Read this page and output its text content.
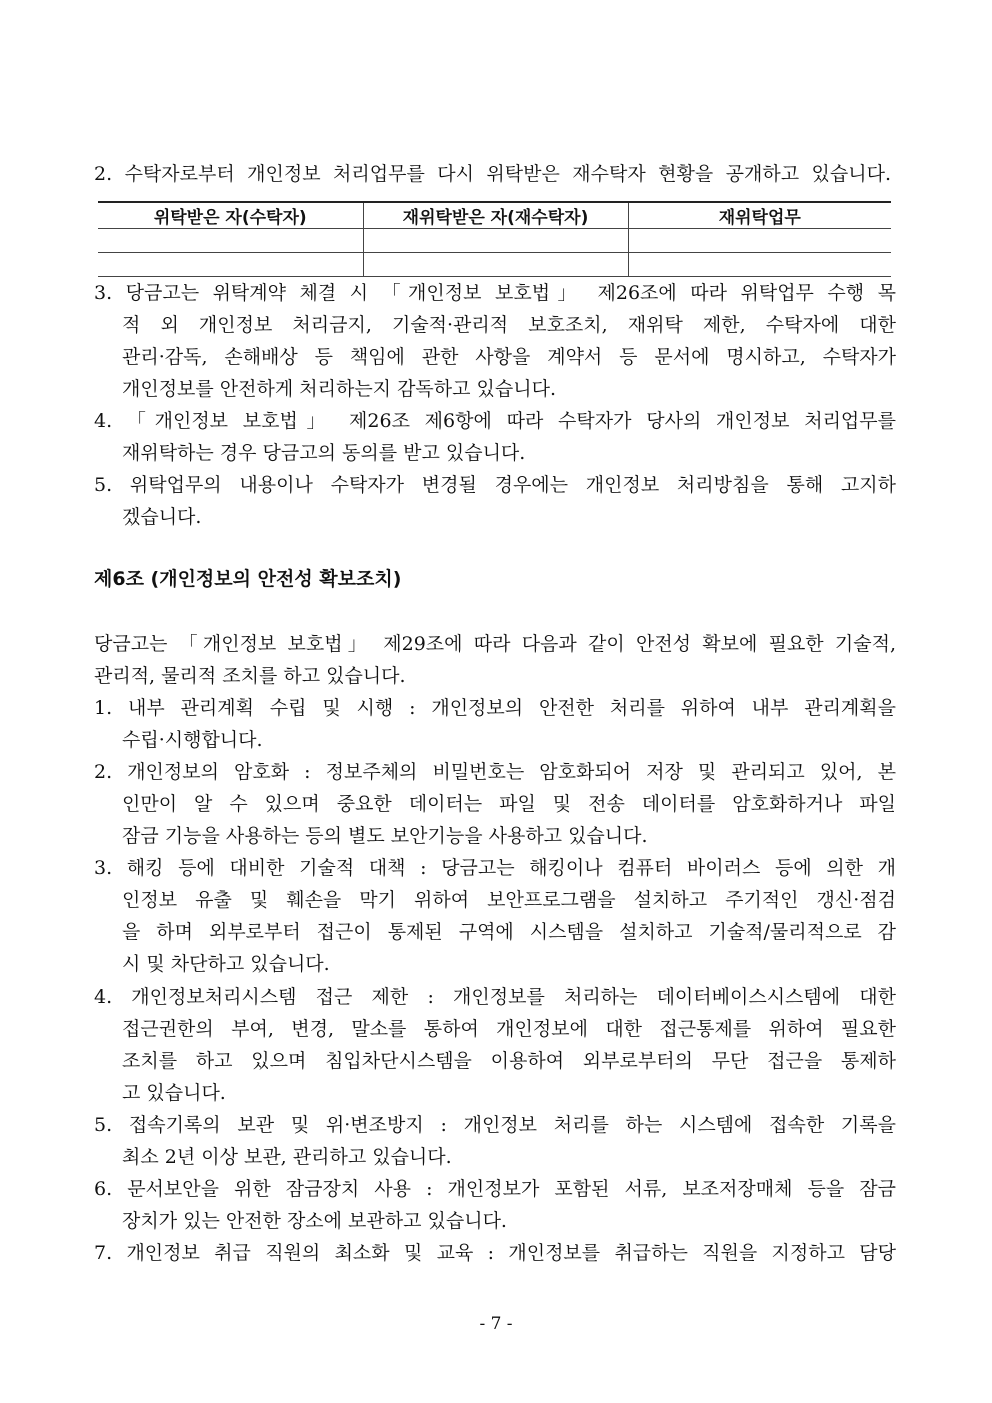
2. 수탁자로부터 개인정보 처리업무를 다시 위탁받은 재수탁자 현황을 공개하고 있습니다.
위탁받은 자(수탁자)	재위탁받은 자(재수탁자)	재위탁업무

3. 당금고는 위탁계약 체결 시 「개인정보 보호법」 제26조에 따라 위탁업무 수행 목
적 외 개인정보 처리금지, 기술적·관리적 보호조치, 재위탁 제한, 수탁자에 대한
관리·감독, 손해배상 등 책임에 관한 사항을 계약서 등 문서에 명시하고, 수탁자가
개인정보를 안전하게 처리하는지 감독하고 있습니다.
4. 「개인정보 보호법」 제26조 제6항에 따라 수탁자가 당사의 개인정보 처리업무를
재위탁하는 경우 당금고의 동의를 받고 있습니다.
5. 위탁업무의 내용이나 수탁자가 변경될 경우에는 개인정보 처리방침을 통해 고지하
겠습니다.
제6조 (개인정보의 안전성 확보조치)
당금고는 「개인정보 보호법」 제29조에 따라 다음과 같이 안전성 확보에 필요한 기술적,
관리적, 물리적 조치를 하고 있습니다.
1. 내부 관리계획 수립 및 시행 : 개인정보의 안전한 처리를 위하여 내부 관리계획을
수립·시행합니다.
2. 개인정보의 암호화 : 정보주체의 비밀번호는 암호화되어 저장 및 관리되고 있어, 본
인만이 알 수 있으며 중요한 데이터는 파일 및 전송 데이터를 암호화하거나 파일
잠금 기능을 사용하는 등의 별도 보안기능을 사용하고 있습니다.
3. 해킹 등에 대비한 기술적 대책 : 당금고는 해킹이나 컴퓨터 바이러스 등에 의한 개
인정보 유출 및 훼손을 막기 위하여 보안프로그램을 설치하고 주기적인 갱신·점검
을 하며 외부로부터 접근이 통제된 구역에 시스템을 설치하고 기술적/물리적으로 감
시 및 차단하고 있습니다.
4. 개인정보처리시스템 접근 제한 : 개인정보를 처리하는 데이터베이스시스템에 대한
접근권한의 부여, 변경, 말소를 통하여 개인정보에 대한 접근통제를 위하여 필요한
조치를 하고 있으며 침입차단시스템을 이용하여 외부로부터의 무단 접근을 통제하
고 있습니다.
5. 접속기록의 보관 및 위·변조방지 : 개인정보 처리를 하는 시스템에 접속한 기록을
최소 2년 이상 보관, 관리하고 있습니다.
6. 문서보안을 위한 잠금장치 사용 : 개인정보가 포함된 서류, 보조저장매체 등을 잠금
장치가 있는 안전한 장소에 보관하고 있습니다.
7. 개인정보 취급 직원의 최소화 및 교육 : 개인정보를 취급하는 직원을 지정하고 담당
- 7 -
